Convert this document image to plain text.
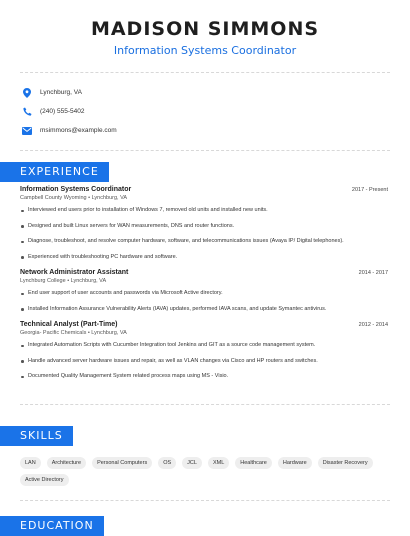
MADISON SIMMONS
Information Systems Coordinator
Lynchburg, VA
(240) 555-5402
msimmons@example.com
EXPERIENCE
Information Systems Coordinator	2017 - Present
Campbell County Wyoming • Lynchburg, VA
Interviewed end users prior to installation of Windows 7, removed old units and installed new units.
Designed and built Linux servers for WAN measurements, DNS and router functions.
Diagnose, troubleshoot, and resolve computer hardware, software, and telecommunications issues (Avaya IP/ Digital telephones).
Experienced with troubleshooting PC hardware and software.
Network Administrator Assistant	2014 - 2017
Lynchburg College • Lynchburg, VA
End user support of user accounts and passwords via Microsoft Active directory.
Installed Information Assurance Vulnerability Alerts (IAVA) updates, performed IAVA scans, and update Symantec antivirus.
Technical Analyst (Part-Time)	2012 - 2014
Georgia- Pacific Chemicals • Lynchburg, VA
Integrated Automation Scripts with Cucumber Integration tool Jenkins and GIT as a source code management system.
Handle advanced server hardware issues and repair, as well as VLAN changes via Cisco and HP routers and switches.
Documented Quality Management System related process maps using MS - Visio.
SKILLS
LAN	Architecture	Personal Computers	OS	JCL	XML	Healthcare	Hardware	Disaster Recovery
Active Directory
EDUCATION
